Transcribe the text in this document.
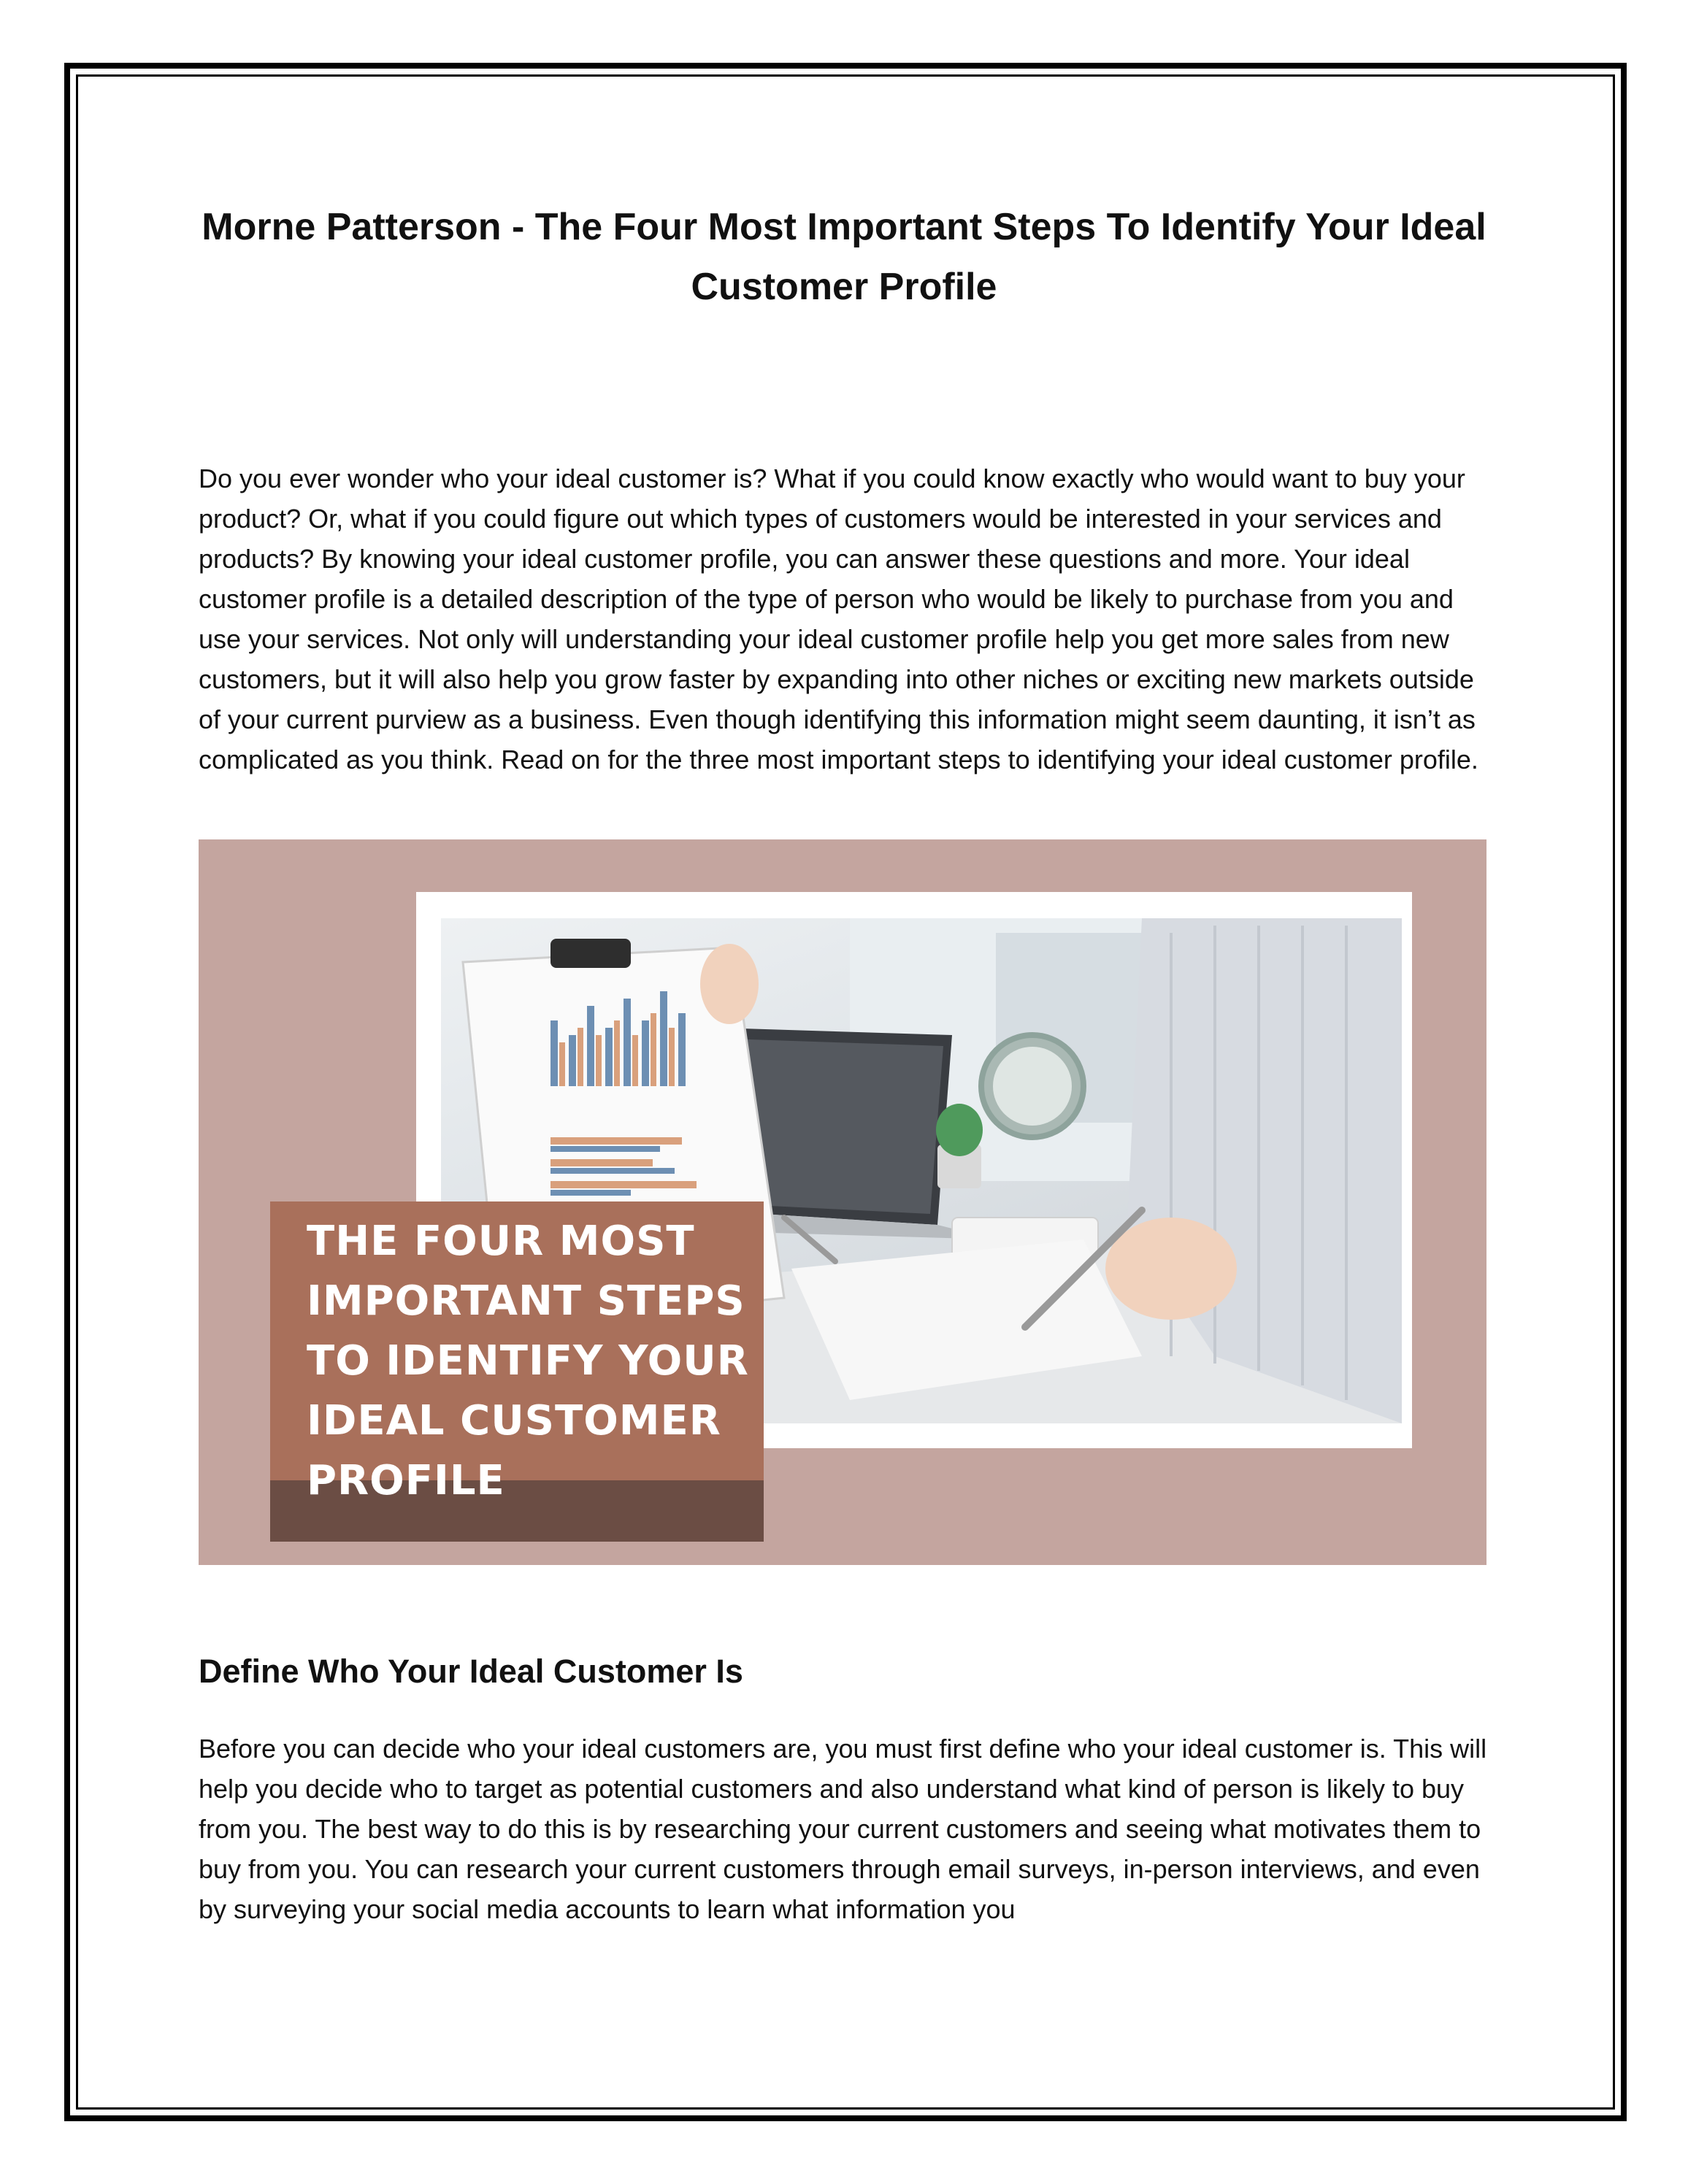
Morne Patterson - The Four Most Important Steps To Identify Your Ideal Customer Profile

Do you ever wonder who your ideal customer is? What if you could know exactly who would want to buy your product? Or, what if you could figure out which types of customers would be interested in your services and products? By knowing your ideal customer profile, you can answer these questions and more. Your ideal customer profile is a detailed description of the type of person who would be likely to purchase from you and use your services. Not only will understanding your ideal customer profile help you get more sales from new customers, but it will also help you grow faster by expanding into other niches or exciting new markets outside of your current purview as a business. Even though identifying this information might seem daunting, it isn’t as complicated as you think. Read on for the three most important steps to identifying your ideal customer profile.

THE FOUR MOST
IMPORTANT STEPS
TO IDENTIFY YOUR
IDEAL CUSTOMER
PROFILE

Define Who Your Ideal Customer Is

Before you can decide who your ideal customers are, you must first define who your ideal customer is. This will help you decide who to target as potential customers and also understand what kind of person is likely to buy from you. The best way to do this is by researching your current customers and seeing what motivates them to buy from you. You can research your current customers through email surveys, in-person interviews, and even by surveying your social media accounts to learn what information you
